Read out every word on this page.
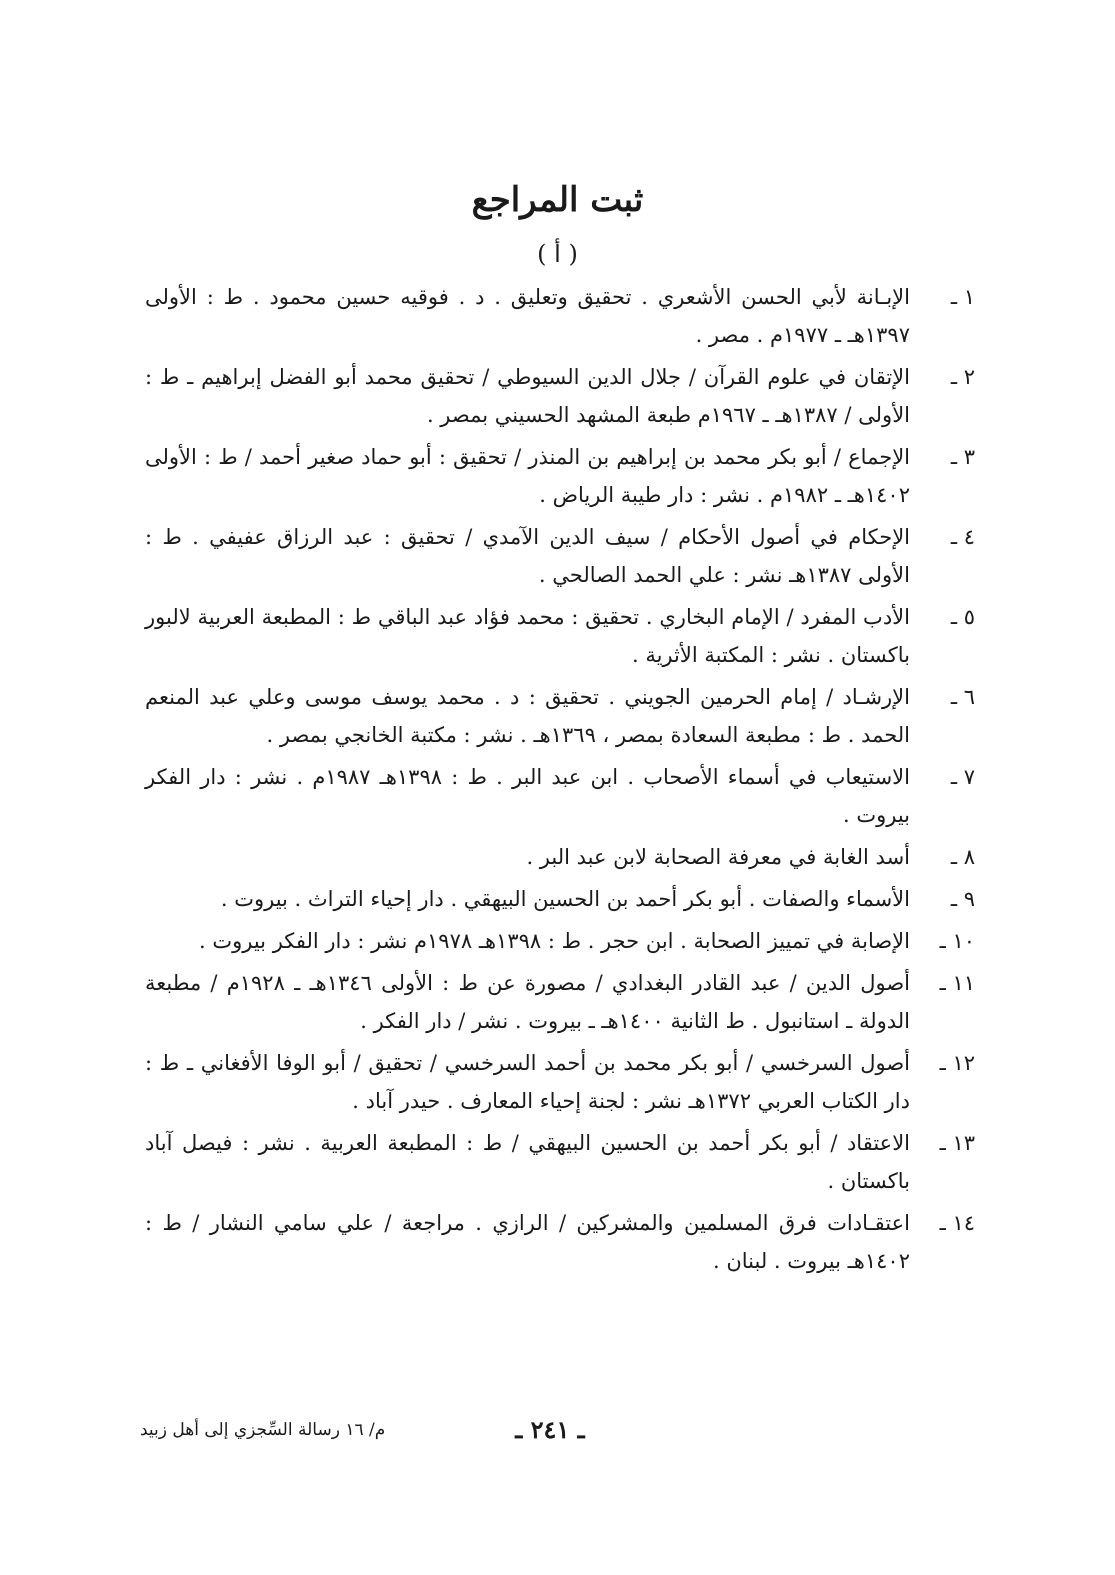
ثبت المراجع
( أ )
١ ـ
الإبـانة لأبي الحسن الأشعري . تحقيق وتعليق . د . فوقيه حسين محمود . ط : الأولى ١٣٩٧هـ ـ ١٩٧٧م . مصر .
٢ ـ
الإتقان في علوم القرآن / جلال الدين السيوطي / تحقيق محمد أبو الفضل إبراهيم ـ ط : الأولى / ١٣٨٧هـ ـ ١٩٦٧م طبعة المشهد الحسيني بمصر .
٣ ـ
الإجماع / أبو بكر محمد بن إبراهيم بن المنذر / تحقيق : أبو حماد صغير أحمد / ط : الأولى ١٤٠٢هـ ـ ١٩٨٢م . نشر : دار طيبة الرياض .
٤ ـ
الإحكام في أصول الأحكام / سيف الدين الآمدي / تحقيق : عبد الرزاق عفيفي . ط : الأولى ١٣٨٧هـ نشر : علي الحمد الصالحي .
٥ ـ
الأدب المفرد / الإمام البخاري . تحقيق : محمد فؤاد عبد الباقي ط : المطبعة العربية لالبور باكستان . نشر : المكتبة الأثرية .
٦ ـ
الإرشـاد / إمام الحرمين الجويني . تحقيق : د . محمد يوسف موسى وعلي عبد المنعم الحمد . ط : مطبعة السعادة بمصر ، ١٣٦٩هـ . نشر : مكتبة الخانجي بمصر .
٧ ـ
الاستيعاب في أسماء الأصحاب . ابن عبد البر . ط : ١٣٩٨هـ ١٩٨٧م . نشر : دار الفكر بيروت .
٨ ـ
أسد الغابة في معرفة الصحابة لابن عبد البر .
٩ ـ
الأسماء والصفات . أبو بكر أحمد بن الحسين البيهقي . دار إحياء التراث . بيروت .
١٠ ـ
الإصابة في تمييز الصحابة . ابن حجر . ط : ١٣٩٨هـ ١٩٧٨م نشر : دار الفكر بيروت .
١١ ـ
أصول الدين / عبد القادر البغدادي / مصورة عن ط : الأولى ١٣٤٦هـ ـ ١٩٢٨م / مطبعة الدولة ـ استانبول . ط الثانية ١٤٠٠هـ ـ بيروت . نشر / دار الفكر .
١٢ ـ
أصول السرخسي / أبو بكر محمد بن أحمد السرخسي / تحقيق / أبو الوفا الأفغاني ـ ط : دار الكتاب العربي ١٣٧٢هـ نشر : لجنة إحياء المعارف . حيدر آباد .
١٣ ـ
الاعتقاد / أبو بكر أحمد بن الحسين البيهقي / ط : المطبعة العربية . نشر : فيصل آباد باكستان .
١٤ ـ
اعتقـادات فرق المسلمين والمشركين / الرازي . مراجعة / علي سامي النشار / ط : ١٤٠٢هـ بيروت . لبنان .
ـ ٢٤١ ـ
م/ ١٦ رسالة السِّجزي إلى أهل زبيد
